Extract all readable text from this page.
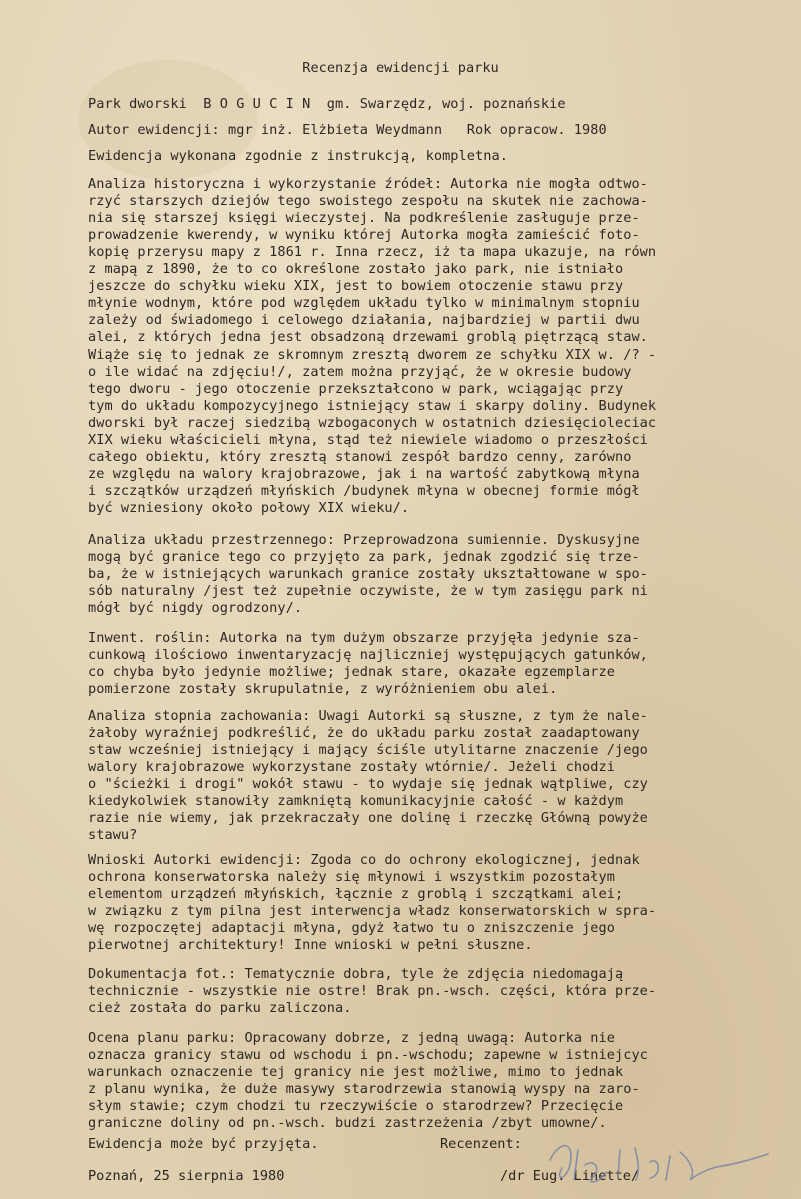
Recenzja ewidencji parku
Park dworski  B O G U C I N  gm. Swarzędz, woj. poznańskie
Autor ewidencji: mgr inż. Elżbieta Weydmann   Rok opracow. 1980
Ewidencja wykonana zgodnie z instrukcją, kompletna.
Analiza historyczna i wykorzystanie źródeł: Autorka nie mogła odtwo-
rzyć starszych dziejów tego swoistego zespołu na skutek nie zachowa-
nia się starszej księgi wieczystej. Na podkreślenie zasługuje prze-
prowadzenie kwerendy, w wyniku której Autorka mogła zamieścić foto-
kopię przerysu mapy z 1861 r. Inna rzecz, iż ta mapa ukazuje, na równ
z mapą z 1890, że to co określone zostało jako park, nie istniało
jeszcze do schyłku wieku XIX, jest to bowiem otoczenie stawu przy
młynie wodnym, które pod względem układu tylko w minimalnym stopniu
zależy od świadomego i celowego działania, najbardziej w partii dwu
alei, z których jedna jest obsadzoną drzewami groblą piętrzącą staw.
Wiąże się to jednak ze skromnym zresztą dworem ze schyłku XIX w. /? -
o ile widać na zdjęciu!/, zatem można przyjąć, że w okresie budowy
tego dworu - jego otoczenie przekształcono w park, wciągając przy
tym do układu kompozycyjnego istniejący staw i skarpy doliny. Budynek
dworski był raczej siedzibą wzbogaconych w ostatnich dziesięcioleciac
XIX wieku właścicieli młyna, stąd też niewiele wiadomo o przeszłości
całego obiektu, który zresztą stanowi zespół bardzo cenny, zarówno
ze względu na walory krajobrazowe, jak i na wartość zabytkową młyna
i szczątków urządzeń młyńskich /budynek młyna w obecnej formie mógł
być wzniesiony około połowy XIX wieku/.
Analiza układu przestrzennego: Przeprowadzona sumiennie. Dyskusyjne
mogą być granice tego co przyjęto za park, jednak zgodzić się trze-
ba, że w istniejących warunkach granice zostały ukształtowane w spo-
sób naturalny /jest też zupełnie oczywiste, że w tym zasięgu park ni
mógł być nigdy ogrodzony/.
Inwent. roślin: Autorka na tym dużym obszarze przyjęła jedynie sza-
cunkową ilościowo inwentaryzację najliczniej występujących gatunków,
co chyba było jedynie możliwe; jednak stare, okazałe egzemplarze
pomierzone zostały skrupulatnie, z wyróżnieniem obu alei.
Analiza stopnia zachowania: Uwagi Autorki są słuszne, z tym że nale-
żałoby wyraźniej podkreślić, że do układu parku został zaadaptowany
staw wcześniej istniejący i mający ściśle utylitarne znaczenie /jego
walory krajobrazowe wykorzystane zostały wtórnie/. Jeżeli chodzi
o "ścieżki i drogi" wokół stawu - to wydaje się jednak wątpliwe, czy
kiedykolwiek stanowiły zamkniętą komunikacyjnie całość - w każdym
razie nie wiemy, jak przekraczały one dolinę i rzeczkę Główną powyże
stawu?
Wnioski Autorki ewidencji: Zgoda co do ochrony ekologicznej, jednak
ochrona konserwatorska należy się młynowi i wszystkim pozostałym
elementom urządzeń młyńskich, łącznie z groblą i szczątkami alei;
w związku z tym pilna jest interwencja władz konserwatorskich w spra-
wę rozpoczętej adaptacji młyna, gdyż łatwo tu o zniszczenie jego
pierwotnej architektury! Inne wnioski w pełni słuszne.
Dokumentacja fot.: Tematycznie dobra, tyle że zdjęcia niedomagają
technicznie - wszystkie nie ostre! Brak pn.-wsch. części, która prze-
cież została do parku zaliczona.
Ocena planu parku: Opracowany dobrze, z jedną uwagą: Autorka nie
oznacza granicy stawu od wschodu i pn.-wschodu; zapewne w istniejcyc
warunkach oznaczenie tej granicy nie jest możliwe, mimo to jednak
z planu wynika, że duże masywy starodrzewia stanowią wyspy na zaro-
słym stawie; czym chodzi tu rzeczywiście o starodrzew? Przecięcie
graniczne doliny od pn.-wsch. budzi zastrzeżenia /zbyt umowne/.
Ewidencja może być przyjęta.
Poznań, 25 sierpnia 1980
Recenzent:
/dr Eug. Linette/
